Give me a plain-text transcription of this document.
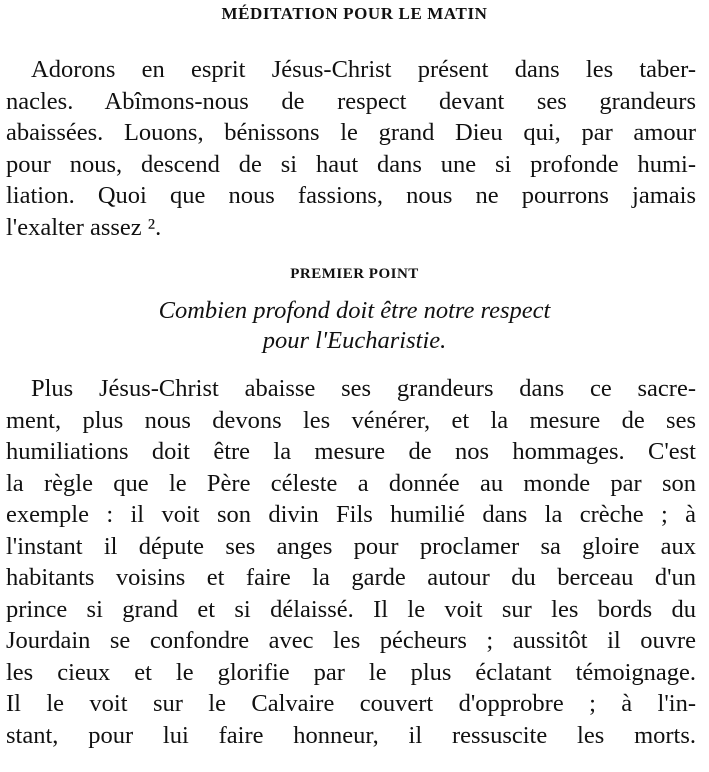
MÉDITATION POUR LE MATIN
Adorons en esprit Jésus-Christ présent dans les taber-
nacles. Abîmons-nous de respect devant ses grandeurs
abaissées. Louons, bénissons le grand Dieu qui, par amour
pour nous, descend de si haut dans une si profonde humi-
liation. Quoi que nous fassions, nous ne pourrons jamais
l'exalter assez ².
PREMIER POINT
Combien profond doit être notre respect
pour l'Eucharistie.
Plus Jésus-Christ abaisse ses grandeurs dans ce sacre-
ment, plus nous devons les vénérer, et la mesure de ses
humiliations doit être la mesure de nos hommages. C'est
la règle que le Père céleste a donnée au monde par son
exemple : il voit son divin Fils humilié dans la crèche ; à
l'instant il députe ses anges pour proclamer sa gloire aux
habitants voisins et faire la garde autour du berceau d'un
prince si grand et si délaissé. Il le voit sur les bords du
Jourdain se confondre avec les pécheurs ; aussitôt il ouvre
les cieux et le glorifie par le plus éclatant témoignage.
Il le voit sur le Calvaire couvert d'opprobre ; à l'in-
stant, pour lui faire honneur, il ressuscite les morts.
